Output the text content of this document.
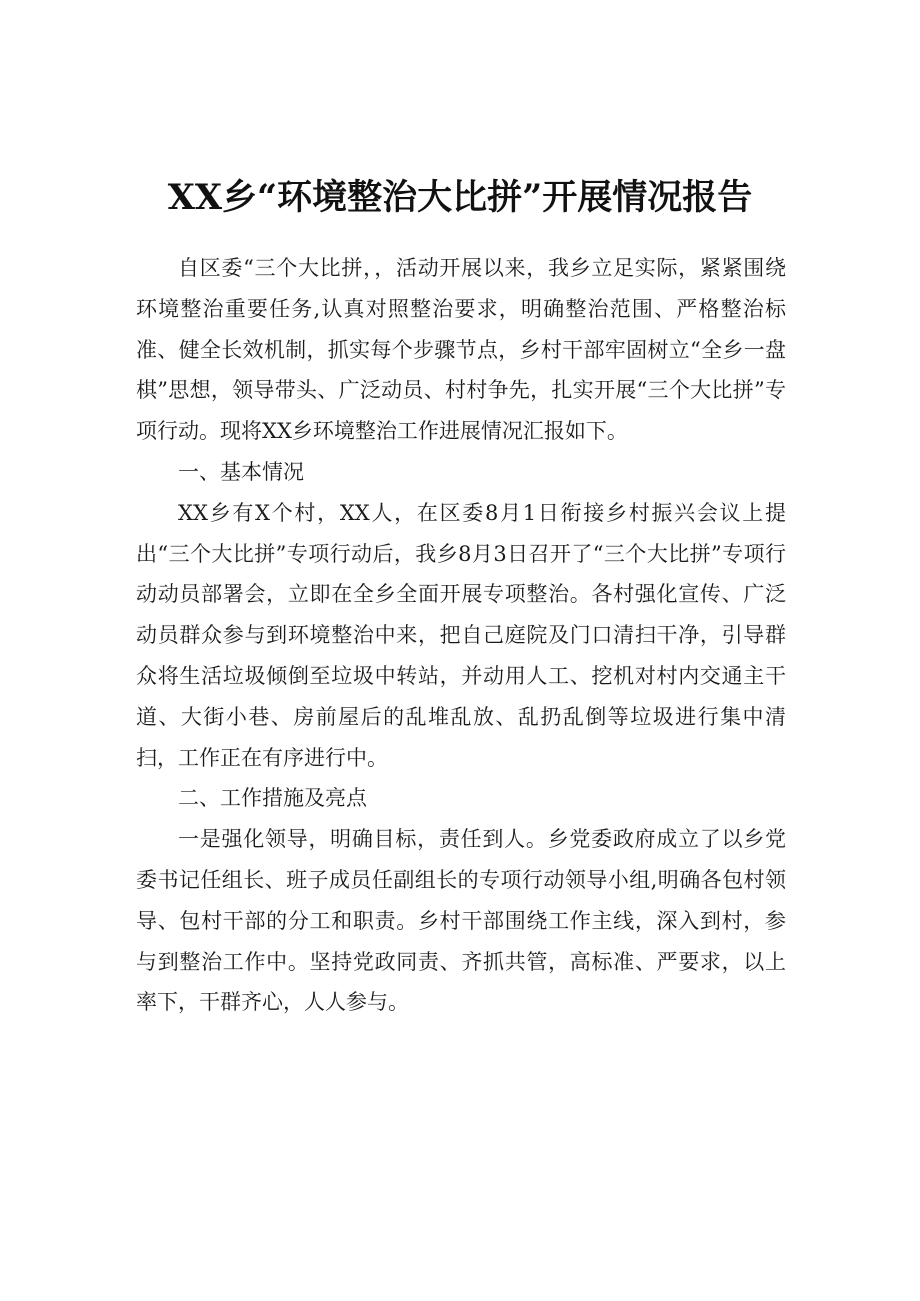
XX乡“环境整治大比拼”开展情况报告

自区委“三个大比拼，，活动开展以来，我乡立足实际，紧紧围绕环境整治重要任务,认真对照整治要求，明确整治范围、严格整治标准、健全长效机制，抓实每个步骤节点，乡村干部牢固树立“全乡一盘棋”思想，领导带头、广泛动员、村村争先，扎实开展“三个大比拼”专项行动。现将XX乡环境整治工作进展情况汇报如下。

一、基本情况

XX乡有X个村，XX人，在区委8月1日衔接乡村振兴会议上提出“三个大比拼”专项行动后，我乡8月3日召开了“三个大比拼”专项行动动员部署会，立即在全乡全面开展专项整治。各村强化宣传、广泛动员群众参与到环境整治中来，把自己庭院及门口清扫干净，引导群众将生活垃圾倾倒至垃圾中转站，并动用人工、挖机对村内交通主干道、大街小巷、房前屋后的乱堆乱放、乱扔乱倒等垃圾进行集中清扫，工作正在有序进行中。

二、工作措施及亮点

一是强化领导，明确目标，责任到人。乡党委政府成立了以乡党委书记任组长、班子成员任副组长的专项行动领导小组,明确各包村领导、包村干部的分工和职责。乡村干部围绕工作主线，深入到村，参与到整治工作中。坚持党政同责、齐抓共管，高标准、严要求，以上率下，干群齐心，人人参与。
